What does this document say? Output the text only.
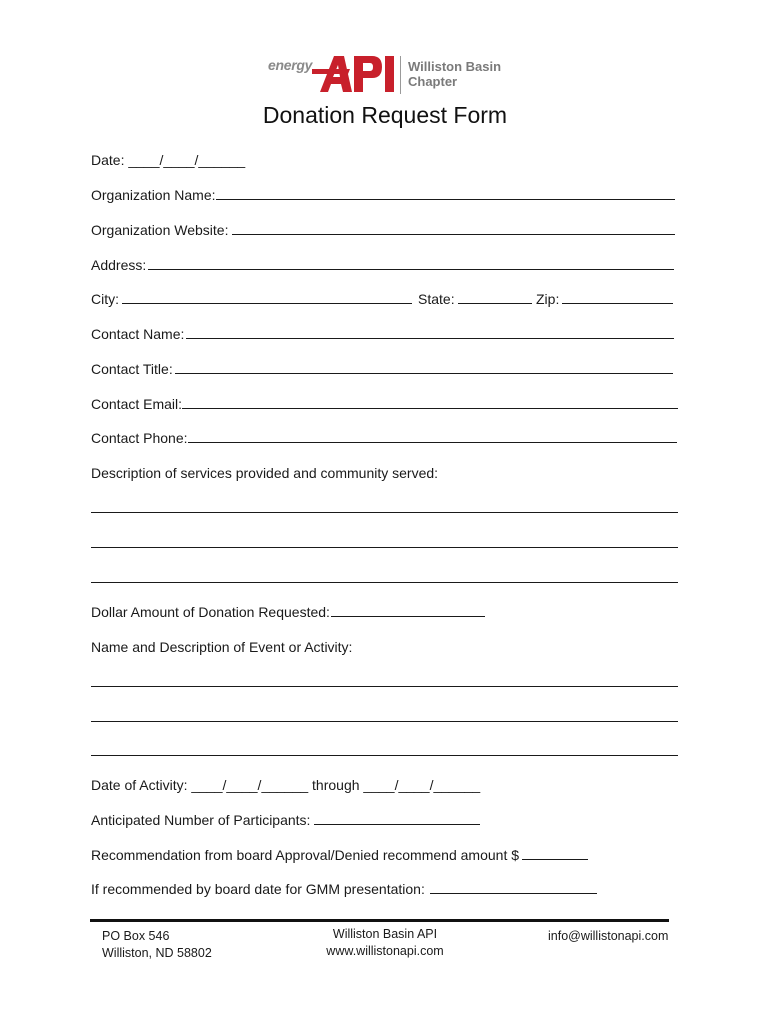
energy	Williston Basin
Chapter
Donation Request Form
Date: ____/____/______
Organization Name:
Organization Website:
Address:
City:	State:	Zip:
Contact Name:
Contact Title:
Contact Email:
Contact Phone:
Description of services provided and community served:
Dollar Amount of Donation Requested:
Name and Description of Event or Activity:
Date of Activity: ____/____/______ through ____/____/______
Anticipated Number of Participants:
Recommendation from board Approval/Denied recommend amount $
If recommended by board date for GMM presentation:
PO Box 546
Williston, ND 58802
Williston Basin API
www.willistonapi.com
info@willistonapi.com
